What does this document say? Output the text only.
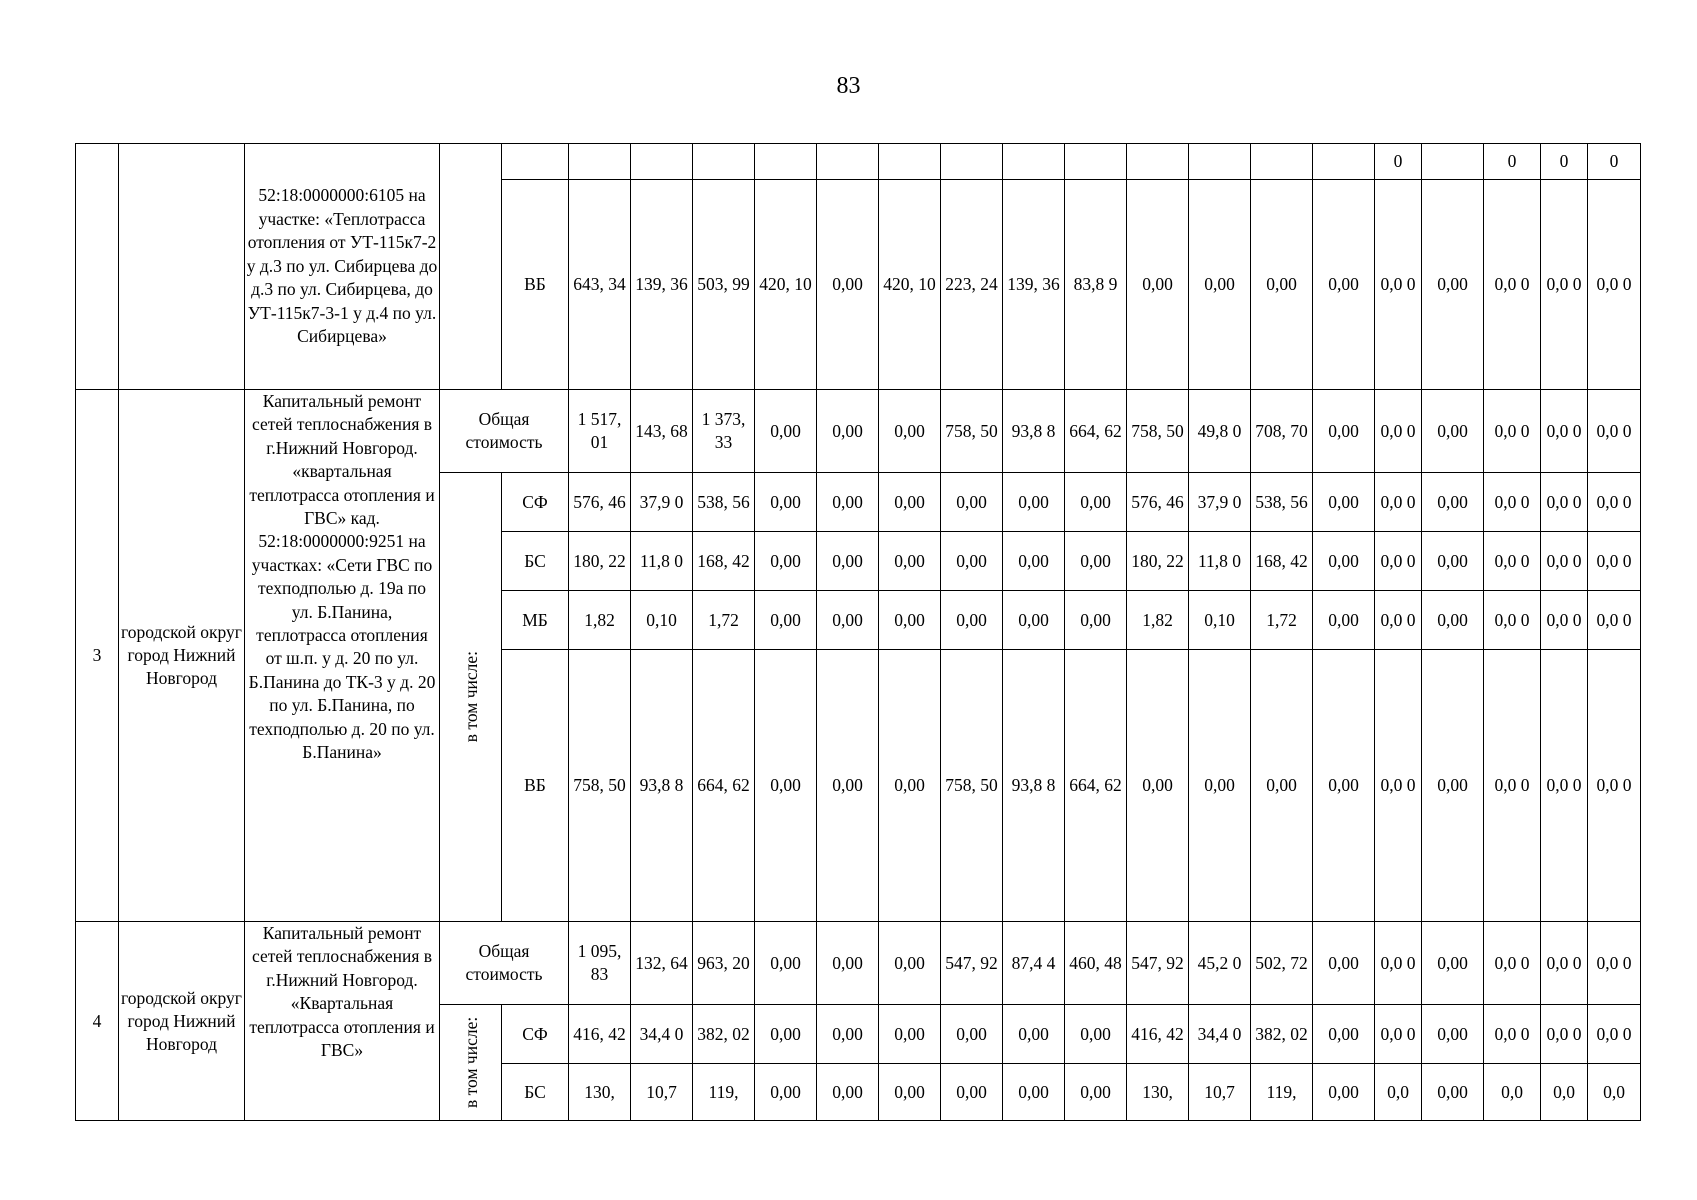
83
		52:18:0000000:6105 на участке: «Теплотрасса отопления от УТ-115к7-2 у д.3 по ул. Сибирцева до д.3 по ул. Сибирцева, до УТ-115к7-3-1 у д.4 по ул. Сибирцева»																0		0	0	0
				ВБ	643, 34	139, 36	503, 99	420, 10	0,00	420, 10	223, 24	139, 36	83,8 9	0,00	0,00	0,00	0,00	0,0 0	0,00	0,0 0	0,0 0	0,0 0
3	городской округ город Нижний Новгород	Капитальный ремонт сетей теплоснабжения в г.Нижний Новгород. «квартальная теплотрасса отопления и ГВС» кад. 52:18:0000000:9251 на участках: «Сети ГВС по техподполью д. 19а по ул. Б.Панина, теплотрасса отопления от ш.п. у д. 20 по ул. Б.Панина до ТК-3 у д. 20 по ул. Б.Панина, по техподполью д. 20 по ул. Б.Панина»	Общая стоимость		1 517, 01	143, 68	1 373, 33	0,00	0,00	0,00	758, 50	93,8 8	664, 62	758, 50	49,8 0	708, 70	0,00	0,0 0	0,00	0,0 0	0,0 0	0,0 0

			в том числе:	СФ	576, 46	37,9 0	538, 56	0,00	0,00	0,00	0,00	0,00	0,00	576, 46	37,9 0	538, 56	0,00	0,0 0	0,00	0,0 0	0,0 0	0,0 0
				БС	180, 22	11,8 0	168, 42	0,00	0,00	0,00	0,00	0,00	0,00	180, 22	11,8 0	168, 42	0,00	0,0 0	0,00	0,0 0	0,0 0	0,0 0
				МБ	1,82	0,10	1,72	0,00	0,00	0,00	0,00	0,00	0,00	1,82	0,10	1,72	0,00	0,0 0	0,00	0,0 0	0,0 0	0,0 0
				ВБ	758, 50	93,8 8	664, 62	0,00	0,00	0,00	758, 50	93,8 8	664, 62	0,00	0,00	0,00	0,00	0,0 0	0,00	0,0 0	0,0 0	0,0 0
4	городской округ город Нижний Новгород	Капитальный ремонт сетей теплоснабжения в г.Нижний Новгород. «Квартальная теплотрасса отопления и ГВС»	Общая стоимость		1 095, 83	132, 64	963, 20	0,00	0,00	0,00	547, 92	87,4 4	460, 48	547, 92	45,2 0	502, 72	0,00	0,0 0	0,00	0,0 0	0,0 0	0,0 0

			в том числе:	СФ	416, 42	34,4 0	382, 02	0,00	0,00	0,00	0,00	0,00	0,00	416, 42	34,4 0	382, 02	0,00	0,0 0	0,00	0,0 0	0,0 0	0,0 0
				БС	130,	10,7	119,	0,00	0,00	0,00	0,00	0,00	0,00	130,	10,7	119,	0,00	0,0	0,00	0,0	0,0	0,0
